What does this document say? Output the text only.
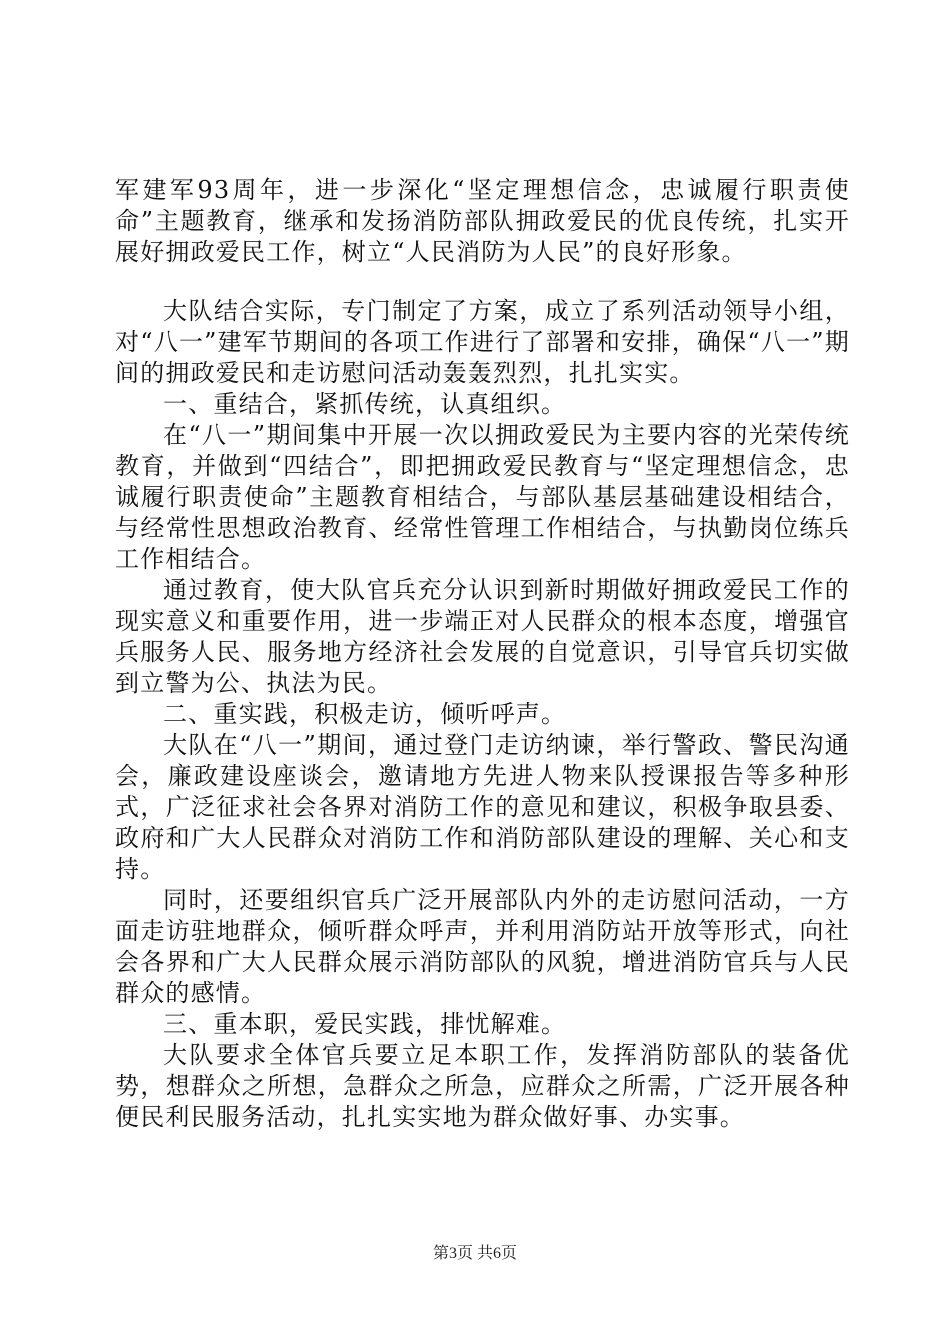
军建军93周年，进一步深化“坚定理想信念，忠诚履行职责使命”主题教育，继承和发扬消防部队拥政爱民的优良传统，扎实开展好拥政爱民工作，树立“人民消防为人民”的良好形象。

大队结合实际，专门制定了方案，成立了系列活动领导小组，对“八一”建军节期间的各项工作进行了部署和安排，确保“八一”期间的拥政爱民和走访慰问活动轰轰烈烈，扎扎实实。

一、重结合，紧抓传统，认真组织。

在“八一”期间集中开展一次以拥政爱民为主要内容的光荣传统教育，并做到“四结合”，即把拥政爱民教育与“坚定理想信念，忠诚履行职责使命”主题教育相结合，与部队基层基础建设相结合，与经常性思想政治教育、经常性管理工作相结合，与执勤岗位练兵工作相结合。

通过教育，使大队官兵充分认识到新时期做好拥政爱民工作的现实意义和重要作用，进一步端正对人民群众的根本态度，增强官兵服务人民、服务地方经济社会发展的自觉意识，引导官兵切实做到立警为公、执法为民。

二、重实践，积极走访，倾听呼声。

大队在“八一”期间，通过登门走访纳谏，举行警政、警民沟通会，廉政建设座谈会，邀请地方先进人物来队授课报告等多种形式，广泛征求社会各界对消防工作的意见和建议，积极争取县委、政府和广大人民群众对消防工作和消防部队建设的理解、关心和支持。

同时，还要组织官兵广泛开展部队内外的走访慰问活动，一方面走访驻地群众，倾听群众呼声，并利用消防站开放等形式，向社会各界和广大人民群众展示消防部队的风貌，增进消防官兵与人民群众的感情。

三、重本职，爱民实践，排忧解难。

大队要求全体官兵要立足本职工作，发挥消防部队的装备优势，想群众之所想，急群众之所急，应群众之所需，广泛开展各种便民利民服务活动，扎扎实实地为群众做好事、办实事。

第3页 共6页
